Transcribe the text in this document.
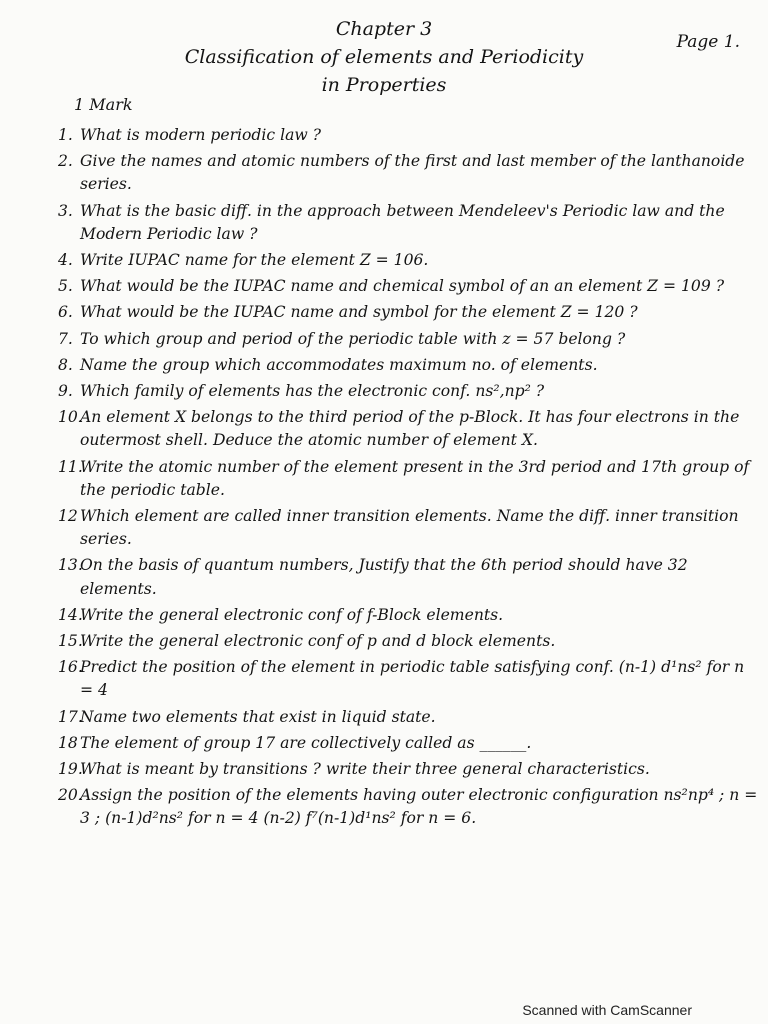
Chapter 3
Page 1.
Classification of elements and Periodicity
in Properties
1 Mark
1. What is modern periodic law ?
2. Give the names and atomic numbers of the first and last member of the lanthanoide series.
3. What is the basic diff. in the approach between Mendeleev's Periodic law and the Modern Periodic law ?
4. Write IUPAC name for the element Z = 106.
5. What would be the IUPAC name and chemical symbol of an an element Z = 109 ?
6. What would be the IUPAC name and symbol for the element Z = 120 ?
7. To which group and period of the periodic table with z = 57 belong ?
8. Name the group which accommodates maximum no. of elements.
9. Which family of elements has the electronic conf. ns²,np² ?
10.
An element X belongs to the third period of the p-Block. It has four electrons in the outermost shell. Deduce the atomic number of element X.
11.
Write the atomic number of the element present in the 3rd period and 17th group of the periodic table.
12 Which element are called inner transition elements. Name the diff. inner transition series.
13.
On the basis of quantum numbers, Justify that the 6th period should have 32 elements.
14.
Write the general electronic conf of f-Block elements.
15.
Write the general electronic conf of p and d block elements.
16.
Predict the position of the element in periodic table satisfying conf. (n-1) d¹ns² for n = 4
17.
Name two elements that exist in liquid state.
18 The element of group 17 are collectively called as ______.
19.
What is meant by transitions ? write their three general characteristics.
20.
Assign the position of the elements having outer electronic configuration ns²np⁴ ; n = 3 ; (n-1)d²ns² for n = 4 (n-2) f⁷(n-1)d¹ns² for n = 6.
Scanned with CamScanner
